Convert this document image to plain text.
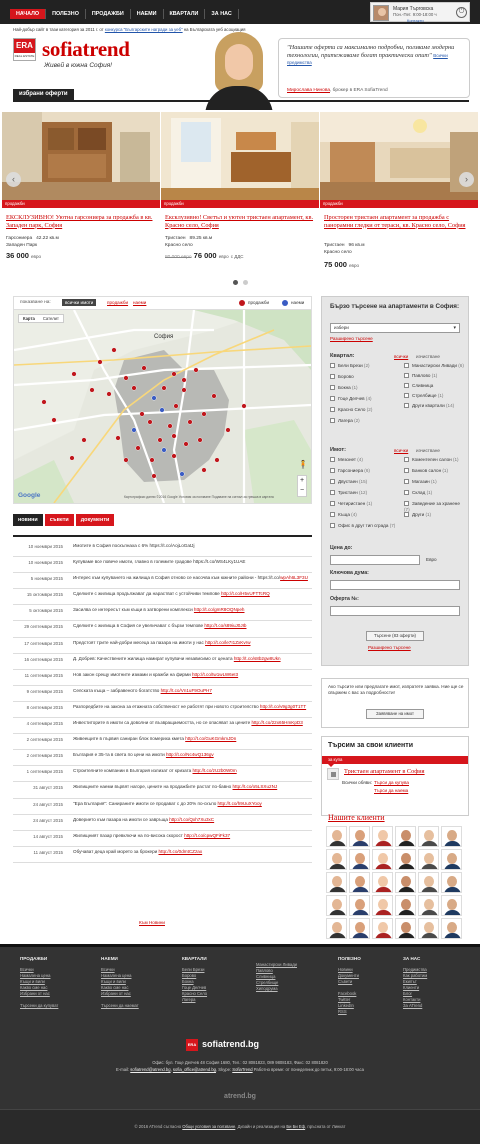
НАЧАЛО	ПОЛЕЗНО	ПРОДАЖБИ	НАЕМИ	КВАРТАЛИ	ЗА НАС
Мария Търговска
Пон.-Пет. 9:00-18:00 ч
Контакти
⏻
Най-добър сайт в тази категория за 2011 г. от конкурса "Българските награди за уеб" на Българската уеб асоциация
ERA
REAL ESTATE sofiatrend
Живей в южна София!
"Нашите оферти са максимално подробни, ползваме модерни технологии, притежаваме богат практически опит" Всички предимства
Мирослава Нинова, брокер в ERA SofiaTrend
избрани оферти
продажби
ЕКСКЛУЗИВНО! Уютна гарсониера за продажба в кв. Западен парк, София
Гарсониера 42.22 кв.м
Западен Парк
36 000 евро
продажби
Ексклузивно! Светъл и уютен тристаен апартамент, кв. Красно село, София
Тристаен 89.25 кв.м
Красно село
80 000 евро 76 000 евро с ДДС
продажби
Просторен тристаен апартамент за продажба с панорамни гледки от тераси, кв. Красно село, София
Тристаен 96 кв.м
Красно село
75 000 евро
‹	›
показване на:	всички имоти	продажби	наеми	продажби	наеми
Карта	Сателит
София
🧍
+
−
Google	Картографски данни ©2016 Google Условия за ползване Подаване на сигнал за грешка в картата
новини	съвети	документи
10 ноември 2015	Имотите в София поскъпнаха с 6% https://t.co/AojLoGatJj
10 ноември 2015	Купуваме все повече имоти, главно в големите градове https://t.co/WS4LKy1UAE
5 ноември 2015	Интерес към купуването на жилища в София отново се насочва към южните райони - https://t.co/wpAh6L3F3U
15 октомври 2015	Сделките с жилища продължават да нарастват с устойчиви темпове http://t.co/H5vUFTTcRQ
5 октомври 2015	Засилва се интересът към къщи в затворени комплекси http://t.co/gmR8OQNpeh
29 септември 2015	Сделките с жилища в София се увеличават с бързи темпове http://t.co/s89iuJ0JIb
17 септември 2015	Предстоят трите най-добри месеца за пазара на имоти у нас http://t.co/le7I1ZxKvrw
16 септември 2015	Д. Добрев: Качествените жилища намират купувачи независимо от цената http://t.co/s8b2gw8Ukn
11 септември 2015	Нов закон срещу имотните измами и кражби на фирми http://t.co/tw1wLW6eI3
9 септември 2015	Селската къща – забравеното богатство http://t.co/Vn1uF9OuPH7
8 септември 2015	Разпоредбите на закона за етажната собственост не работят при новото строителство http://t.co/v9g3g0T1TT
4 септември 2015	Инвеститорите в имоти са доволни от възвращаемостта, но се опасяват за цените http://t.co/22x65HmKpD3
2 септември 2015	Живеещите в първия саниран блок помериха кмета http://t.co/GuKGmkmJDn
2 септември 2015	България е 35-та в света по цени на имоти http://t.co/Nc4wQ136gv
1 септември 2015	Строителните компании в България излизат от кризата http://t.co/zU2b0W0m
31 август 2015	Жилищните наеми вървят нагоре, цените на продажбите растат по-бавно http://t.co/o5LSXu2NJ
24 август 2015	"Ера България": Санираните имоти се продават с до 20% по-скъпо http://t.co/h9UuXYooy
24 август 2015	Доверието към пазара на имоти се завръща http://t.co/Qxh7Xu3xC
14 август 2015	Жилищният пазар превключи на по-висока скорост http://t.co/cpwQFiFk37
11 август 2015	Обучават деца край морето за брокери http://t.co/0dmtCZzax
Към Новини
Бързо търсене на апартаменти в София:
избери ▾
Разширено търсене
Квартал:	всички изчистване
Бели Брези (2)
Борово
Бокна (1)
Гоце Делчев (4)
Красно Село (2)
Лагера (2)
Манастирски Ливади (6)
Павлово (1)
Сливница
Стрелбище (1)
Други квартали (14)
Имот:	всички изчистване
Мезонет (4)
Гарсониера (6)
Двустаен (15)
Тристаен (12)
Четиристаен (1)
Къща (4)
Офис в друг тип сграда (7)
Коментелен салон (1)
Банков салон (1)
Магазин (1)
Склад (1)
Заведение за хранене (7)
Други (1)
Цена до:
Евро
Ключова дума:
Оферта №:
Търсене (83 оферти)
Разширено търсене
Ако търсите или предлагате имот, изпратете заявка. Ние ще се свържем с вас за подробности!
Заявяване на имот
Търсим за свои клиенти
за купа
Тристаен апартамент в София
Всички обяви: Търси да купува
Търси да наема
Нашите клиенти
ПРОДАЖБИ
Всички
Намалена цена
Къщи и вили
Какво сме нас
Избрани от нас
Търсени да купуват
НАЕМИ
Всички
Намалена цена
Къщи и вили
Какво сме нас
Избрани от нас
Търсени да наемат
КВАРТАЛИ
Бели Брези
Борово
Бокна
Гоце Делчев
Красно Село
Лагера
Манастирски Ливади
Павлово
Сливница
Стрелбище
Хиподрума
ПОЛЕЗНО
Новини
Документи
Съвети
Facebook
Twitter
LinkedIn
RSS
ЗА НАС
Предимства
Как работим
Екипът
Клиенти
Блог
Контакти
За ATrend
ERA sofiatrend.bg
Офис: бул. Гоце Делчев 48 София 1680, Тел.: 02 8081823, 089 9808183, Факс: 02 8081820
E-mail: sofiatrend@atrend.bg, sofia_office@atrend.bg, Skype: SofiaTrend Работно време: от понеделник до петък, 9:00-18:00 часа
atrend.bg
© 2016 ATrend съгласно Общи условия за ползване. Дизайн и реализация на Би Би Еф, пръсната от Линкат
